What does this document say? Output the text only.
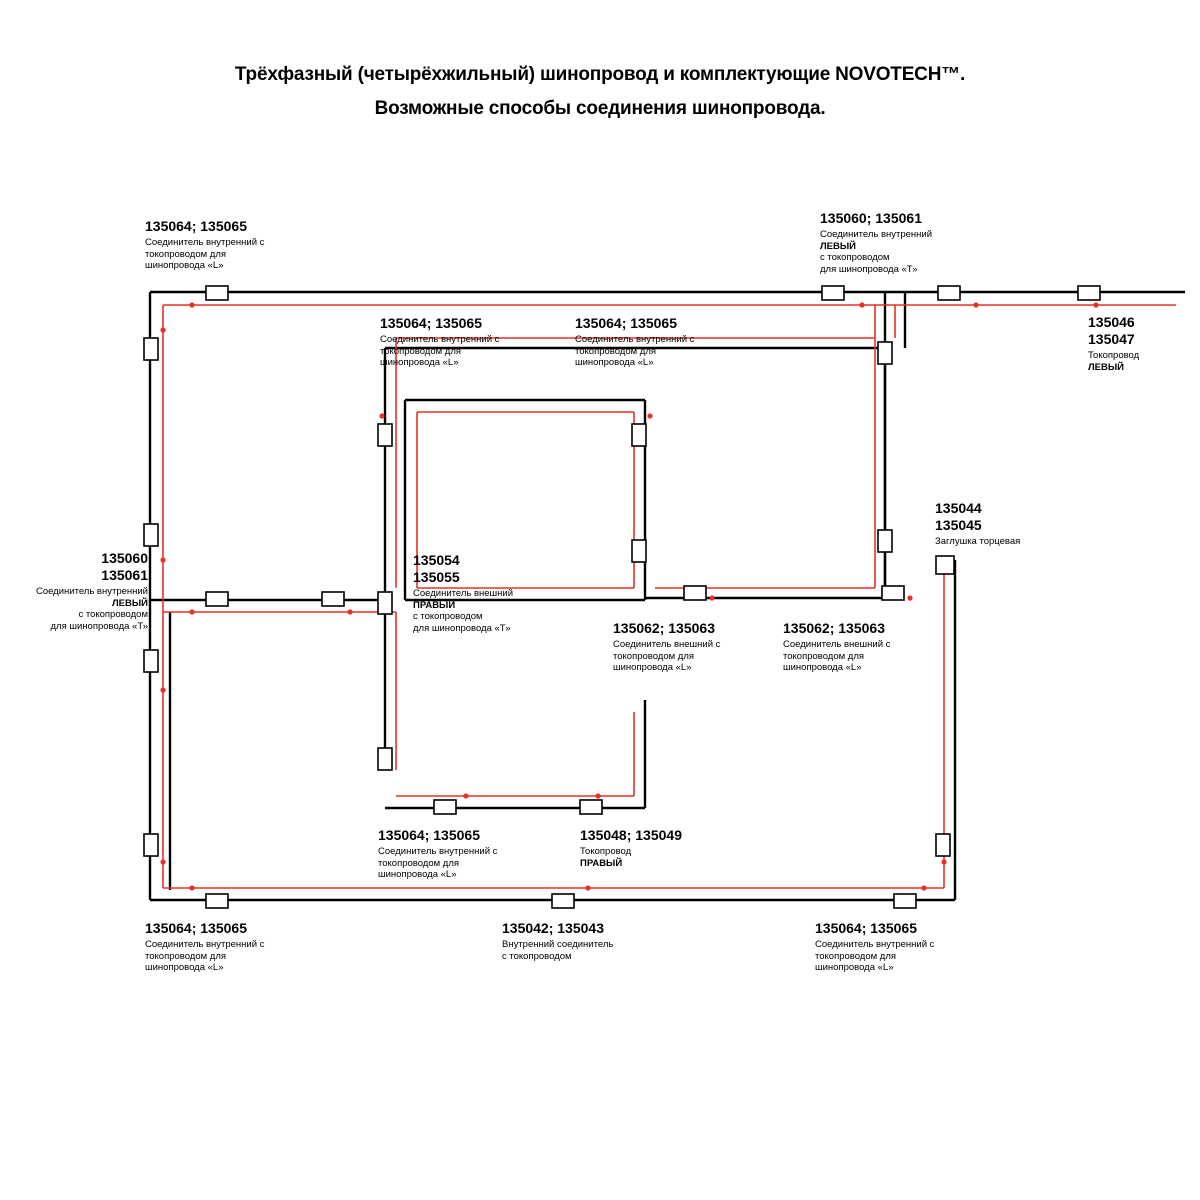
Трёхфазный (четырёхжильный) шинопровод и комплектующие NOVOTECH™.
Возможные способы соединения шинопровода.
135064; 135065
Соединитель внутренний с
токопроводом для
шинопровода «L»
135060; 135061
Соединитель внутренний
ЛЕВЫЙ
с токопроводом
для шинопровода «Т»
135046
135047
Токопровод
ЛЕВЫЙ
135064; 135065
Соединитель внутренний с
токопроводом для
шинопровода «L»
135064; 135065
Соединитель внутренний с
токопроводом для
шинопровода «L»
135044
135045
Заглушка торцевая
135060
135061
Соединитель внутренний
ЛЕВЫЙ
с токопроводом
для шинопровода «Т»
135054
135055
Соединитель внешний
ПРАВЫЙ
с токопроводом
для шинопровода «Т»	135062; 135063
Соединитель внешний с
токопроводом для
шинопровода «L»
135062; 135063
Соединитель внешний с
токопроводом для
шинопровода «L»
135064; 135065
Соединитель внутренний с
токопроводом для
шинопровода «L»
135048; 135049
Токопровод
ПРАВЫЙ
135064; 135065
Соединитель внутренний с
токопроводом для
шинопровода «L»
135042; 135043
Внутренний соединитель
с токопроводом
135064; 135065
Соединитель внутренний с
токопроводом для
шинопровода «L»
